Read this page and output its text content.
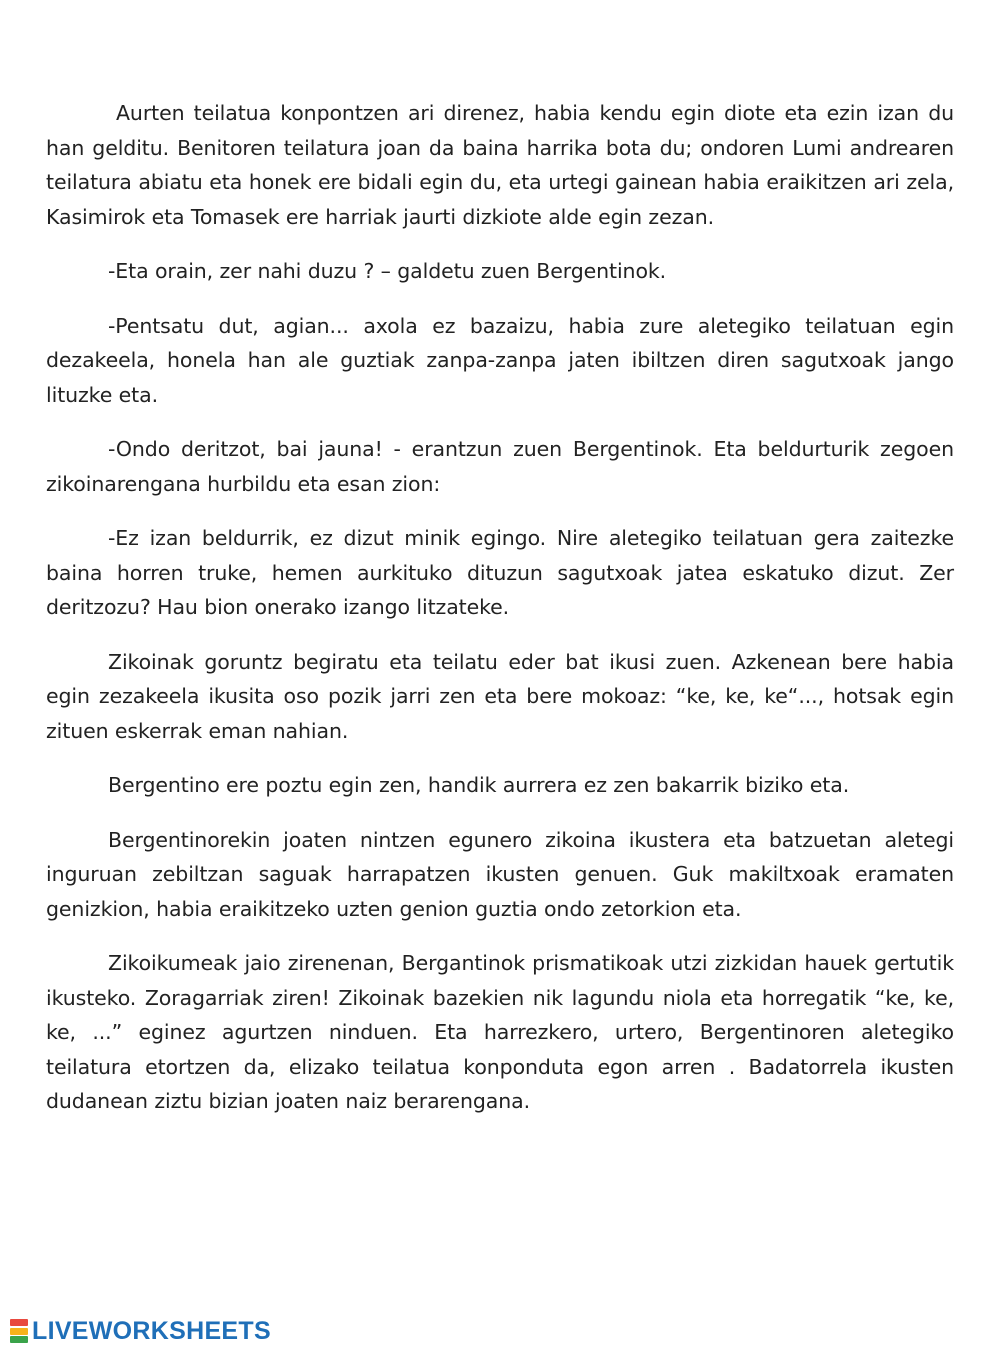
Aurten teilatua konpontzen ari direnez, habia kendu egin diote eta ezin izan du han gelditu. Benitoren teilatura joan da baina harrika bota du; ondoren Lumi andrearen teilatura abiatu eta honek ere bidali egin du, eta urtegi gainean habia eraikitzen ari zela, Kasimirok eta Tomasek ere harriak jaurti dizkiote alde egin zezan.

-Eta orain, zer nahi duzu ? – galdetu zuen Bergentinok.

-Pentsatu dut, agian... axola ez bazaizu, habia zure aletegiko teilatuan egin dezakeela, honela han ale guztiak zanpa-zanpa jaten ibiltzen diren sagutxoak jango lituzke eta.

-Ondo deritzot, bai jauna! - erantzun zuen Bergentinok. Eta beldurturik zegoen zikoinarengana hurbildu eta esan zion:

-Ez izan beldurrik, ez dizut minik egingo. Nire aletegiko teilatuan gera zaitezke baina horren truke, hemen aurkituko dituzun sagutxoak jatea eskatuko dizut. Zer deritzozu? Hau bion onerako izango litzateke.

Zikoinak goruntz begiratu eta teilatu eder bat ikusi zuen. Azkenean bere habia egin zezakeela ikusita oso pozik jarri zen eta bere mokoaz: “ke, ke, ke“..., hotsak egin zituen eskerrak eman nahian.

Bergentino ere poztu egin zen, handik aurrera ez zen bakarrik biziko eta.

Bergentinorekin joaten nintzen egunero zikoina ikustera eta batzuetan aletegi inguruan zebiltzan saguak harrapatzen ikusten genuen. Guk makiltxoak eramaten genizkion, habia eraikitzeko uzten genion guztia ondo zetorkion eta.

Zikoikumeak jaio zirenenan, Bergantinok prismatikoak utzi zizkidan hauek gertutik ikusteko. Zoragarriak ziren! Zikoinak bazekien nik lagundu niola eta horregatik “ke, ke, ke, ...” eginez agurtzen ninduen. Eta harrezkero, urtero, Bergentinoren aletegiko teilatura etortzen da, elizako teilatua konponduta egon arren . Badatorrela ikusten dudanean ziztu bizian joaten naiz berarengana.

LIVEWORKSHEETS
